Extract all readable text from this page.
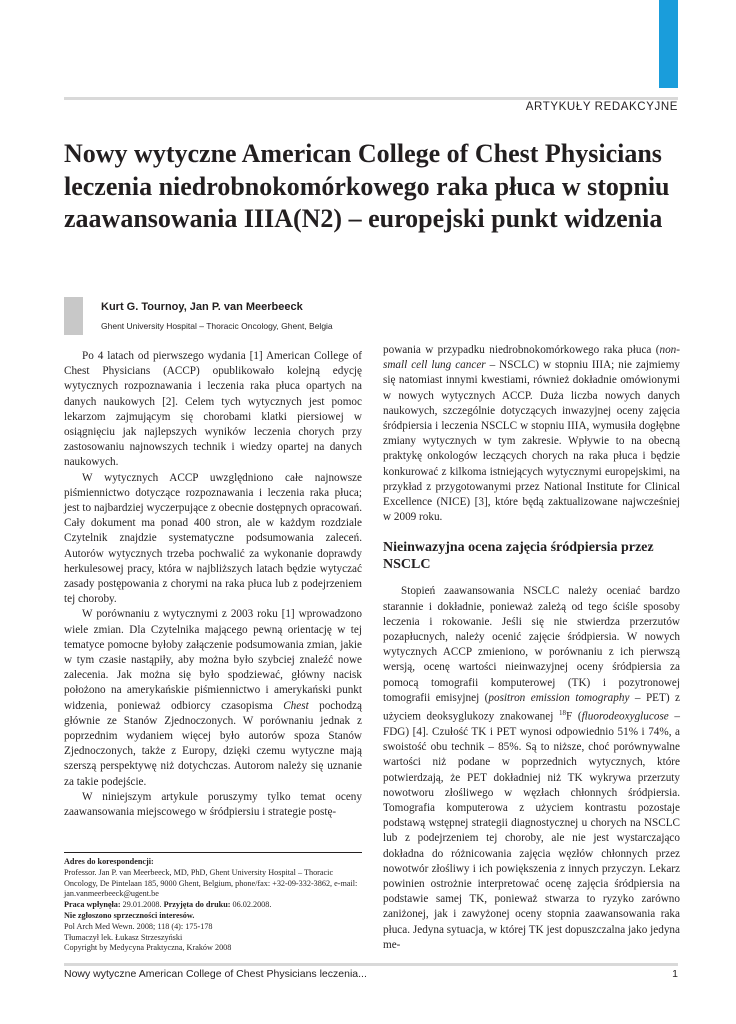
ARTYKUŁY REDAKCYJNE
Nowy wytyczne American College of Chest Physicians leczenia niedrobnokomórkowego raka płuca w stopniu zaawansowania IIIA(N2) – europejski punkt widzenia
Kurt G. Tournoy, Jan P. van Meerbeeck
Ghent University Hospital – Thoracic Oncology, Ghent, Belgia

Po 4 latach od pierwszego wydania [1] American College of Chest Physicians (ACCP) opublikowało kolejną edycję wytycznych rozpoznawania i leczenia raka płuca opartych na danych naukowych [2]. Celem tych wytycznych jest pomoc lekarzom zajmującym się chorobami klatki piersiowej w osiągnięciu jak najlepszych wyników leczenia chorych przy zastosowaniu najnowszych technik i wiedzy opartej na danych naukowych.

W wytycznych ACCP uwzględniono całe najnowsze piśmiennictwo dotyczące rozpoznawania i leczenia raka płuca; jest to najbardziej wyczerpujące z obecnie dostępnych opracowań. Cały dokument ma ponad 400 stron, ale w każdym rozdziale Czytelnik znajdzie systematyczne podsumowania zaleceń. Autorów wytycznych trzeba pochwalić za wykonanie doprawdy herkulesowej pracy, która w najbliższych latach będzie wytyczać zasady postępowania z chorymi na raka płuca lub z podejrzeniem tej choroby.

W porównaniu z wytycznymi z 2003 roku [1] wprowadzono wiele zmian. Dla Czytelnika mającego pewną orientację w tej tematyce pomocne byłoby załączenie podsumowania zmian, jakie w tym czasie nastąpiły, aby można było szybciej znaleźć nowe zalecenia. Jak można się było spodziewać, główny nacisk położono na amerykańskie piśmiennictwo i amerykański punkt widzenia, ponieważ odbiorcy czasopisma Chest pochodzą głównie ze Stanów Zjednoczonych. W porównaniu jednak z poprzednim wydaniem więcej było autorów spoza Stanów Zjednoczonych, także z Europy, dzięki czemu wytyczne mają szerszą perspektywę niż dotychczas. Autorom należy się uznanie za takie podejście.

W niniejszym artykule poruszymy tylko temat oceny zaawansowania miejscowego w śródpiersiu i strategie postę-

powania w przypadku niedrobnokomórkowego raka płuca (non-small cell lung cancer – NSCLC) w stopniu IIIA; nie zajmiemy się natomiast innymi kwestiami, również dokładnie omówionymi w nowych wytycznych ACCP. Duża liczba nowych danych naukowych, szczególnie dotyczących inwazyjnej oceny zajęcia śródpiersia i leczenia NSCLC w stopniu IIIA, wymusiła dogłębne zmiany wytycznych w tym zakresie. Wpływie to na obecną praktykę onkologów leczących chorych na raka płuca i będzie konkurować z kilkoma istniejących wytycznymi europejskimi, na przykład z przygotowanymi przez National Institute for Clinical Excellence (NICE) [3], które będą zaktualizowane najwcześniej w 2009 roku.

Nieinwazyjna ocena zajęcia śródpiersia przez NSCLC

Stopień zaawansowania NSCLC należy oceniać bardzo starannie i dokładnie, ponieważ zależą od tego ściśle sposoby leczenia i rokowanie. Jeśli się nie stwierdza przerzutów pozapłucnych, należy ocenić zajęcie śródpiersia. W nowych wytycznych ACCP zmieniono, w porównaniu z ich pierwszą wersją, ocenę wartości nieinwazyjnej oceny śródpiersia za pomocą tomografii komputerowej (TK) i pozytronowej tomografii emisyjnej (positron emission tomography – PET) z użyciem deoksyglukozy znakowanej $^{18}$F (fluorodeoxyglucose – FDG) [4]. Czułość TK i PET wynosi odpowiednio 51% i 74%, a swoistość obu technik – 85%. Są to niższe, choć porównywalne wartości niż podane w poprzednich wytycznych, które potwierdzają, że PET dokładniej niż TK wykrywa przerzuty nowotworu złośliwego w węzłach chłonnych śródpiersia. Tomografia komputerowa z użyciem kontrastu pozostaje podstawą wstępnej strategii diagnostycznej u chorych na NSCLC lub z podejrzeniem tej choroby, ale nie jest wystarczająco dokładna do różnicowania zajęcia węzłów chłonnych przez nowotwór złośliwy i ich powiększenia z innych przyczyn. Lekarz powinien ostrożnie interpretować ocenę zajęcia śródpiersia na podstawie samej TK, ponieważ stwarza to ryzyko zarówno zaniżonej, jak i zawyżonej oceny stopnia zaawansowania raka płuca. Jedyna sytuacja, w której TK jest dopuszczalna jako jedyna me-

Adres do korespondencji:
Professor. Jan P. van Meerbeeck, MD, PhD, Ghent University Hospital – Thoracic Oncology, De Pintelaan 185, 9000 Ghent, Belgium, phone/fax: +32-09-332-3862, e-mail: jan.vanmeerbeeck@ugent.be
Praca wpłynęła: 29.01.2008. Przyjęta do druku: 06.02.2008.
Nie zgłoszono sprzeczności interesów.
Pol Arch Med Wewn. 2008; 118 (4): 175-178
Tłumaczył lek. Łukasz Strzeszyński
Copyright by Medycyna Praktyczna, Kraków 2008
Nowy wytyczne American College of Chest Physicians leczenia...	1
